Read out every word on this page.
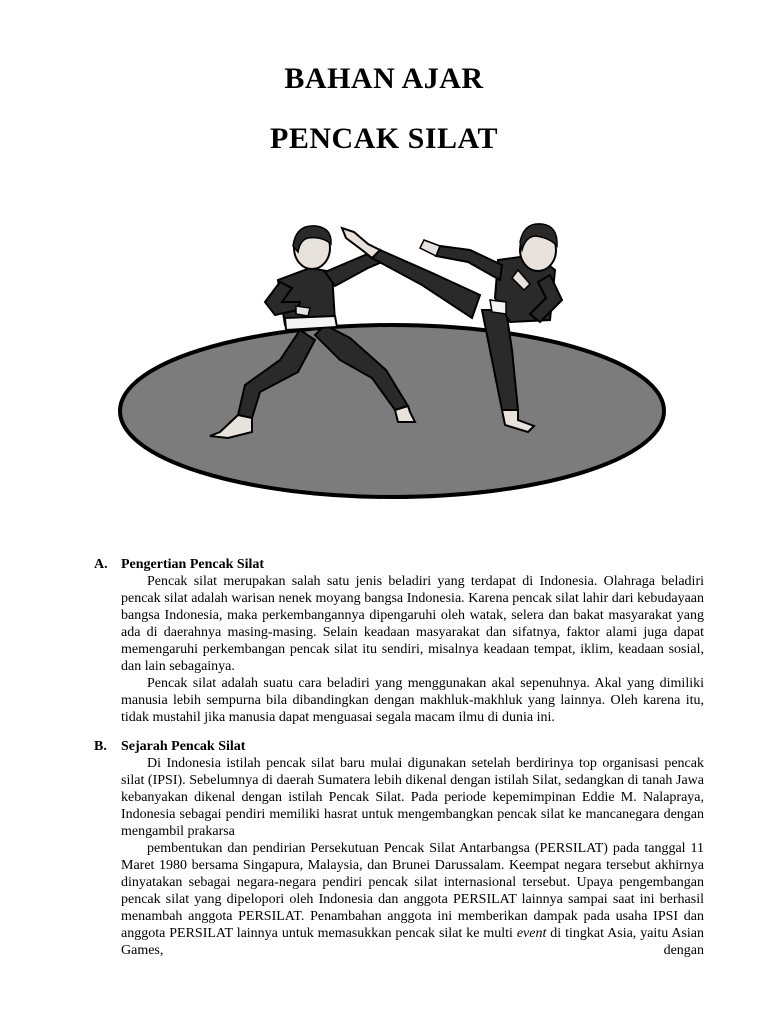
BAHAN AJAR
PENCAK SILAT
A. Pengertian Pencak Silat
Pencak silat merupakan salah satu jenis beladiri yang terdapat di Indonesia. Olahraga beladiri pencak silat adalah warisan nenek moyang bangsa Indonesia. Karena pencak silat lahir dari kebudayaan bangsa Indonesia, maka perkembangannya dipengaruhi oleh watak, selera dan bakat masyarakat yang ada di daerahnya masing-masing. Selain keadaan masyarakat dan sifatnya, faktor alami juga dapat memengaruhi perkembangan pencak silat itu sendiri, misalnya keadaan tempat, iklim, keadaan sosial, dan lain sebagainya.
Pencak silat adalah suatu cara beladiri yang menggunakan akal sepenuhnya. Akal yang dimiliki manusia lebih sempurna bila dibandingkan dengan makhluk-makhluk yang lainnya. Oleh karena itu, tidak mustahil jika manusia dapat menguasai segala macam ilmu di dunia ini.
B.	Sejarah Pencak Silat
Di Indonesia istilah pencak silat baru mulai digunakan setelah berdirinya top organisasi pencak silat (IPSI). Sebelumnya di daerah Sumatera lebih dikenal dengan istilah Silat, sedangkan di tanah Jawa kebanyakan dikenal dengan istilah Pencak Silat. Pada periode kepemimpinan Eddie M. Nalapraya, Indonesia sebagai pendiri memiliki hasrat untuk mengembangkan pencak silat ke mancanegara dengan mengambil prakarsa
pembentukan dan pendirian Persekutuan Pencak Silat Antarbangsa (PERSILAT) pada tanggal 11 Maret 1980 bersama Singapura, Malaysia, dan Brunei Darussalam. Keempat negara tersebut akhirnya dinyatakan sebagai negara-negara pendiri pencak silat internasional tersebut. Upaya pengembangan pencak silat yang dipelopori oleh Indonesia dan anggota PERSILAT lainnya sampai saat ini berhasil menambah anggota PERSILAT. Penambahan anggota ini memberikan dampak pada usaha IPSI dan anggota PERSILAT lainnya untuk memasukkan pencak silat ke multi event di tingkat Asia, yaitu Asian Games, dengan
